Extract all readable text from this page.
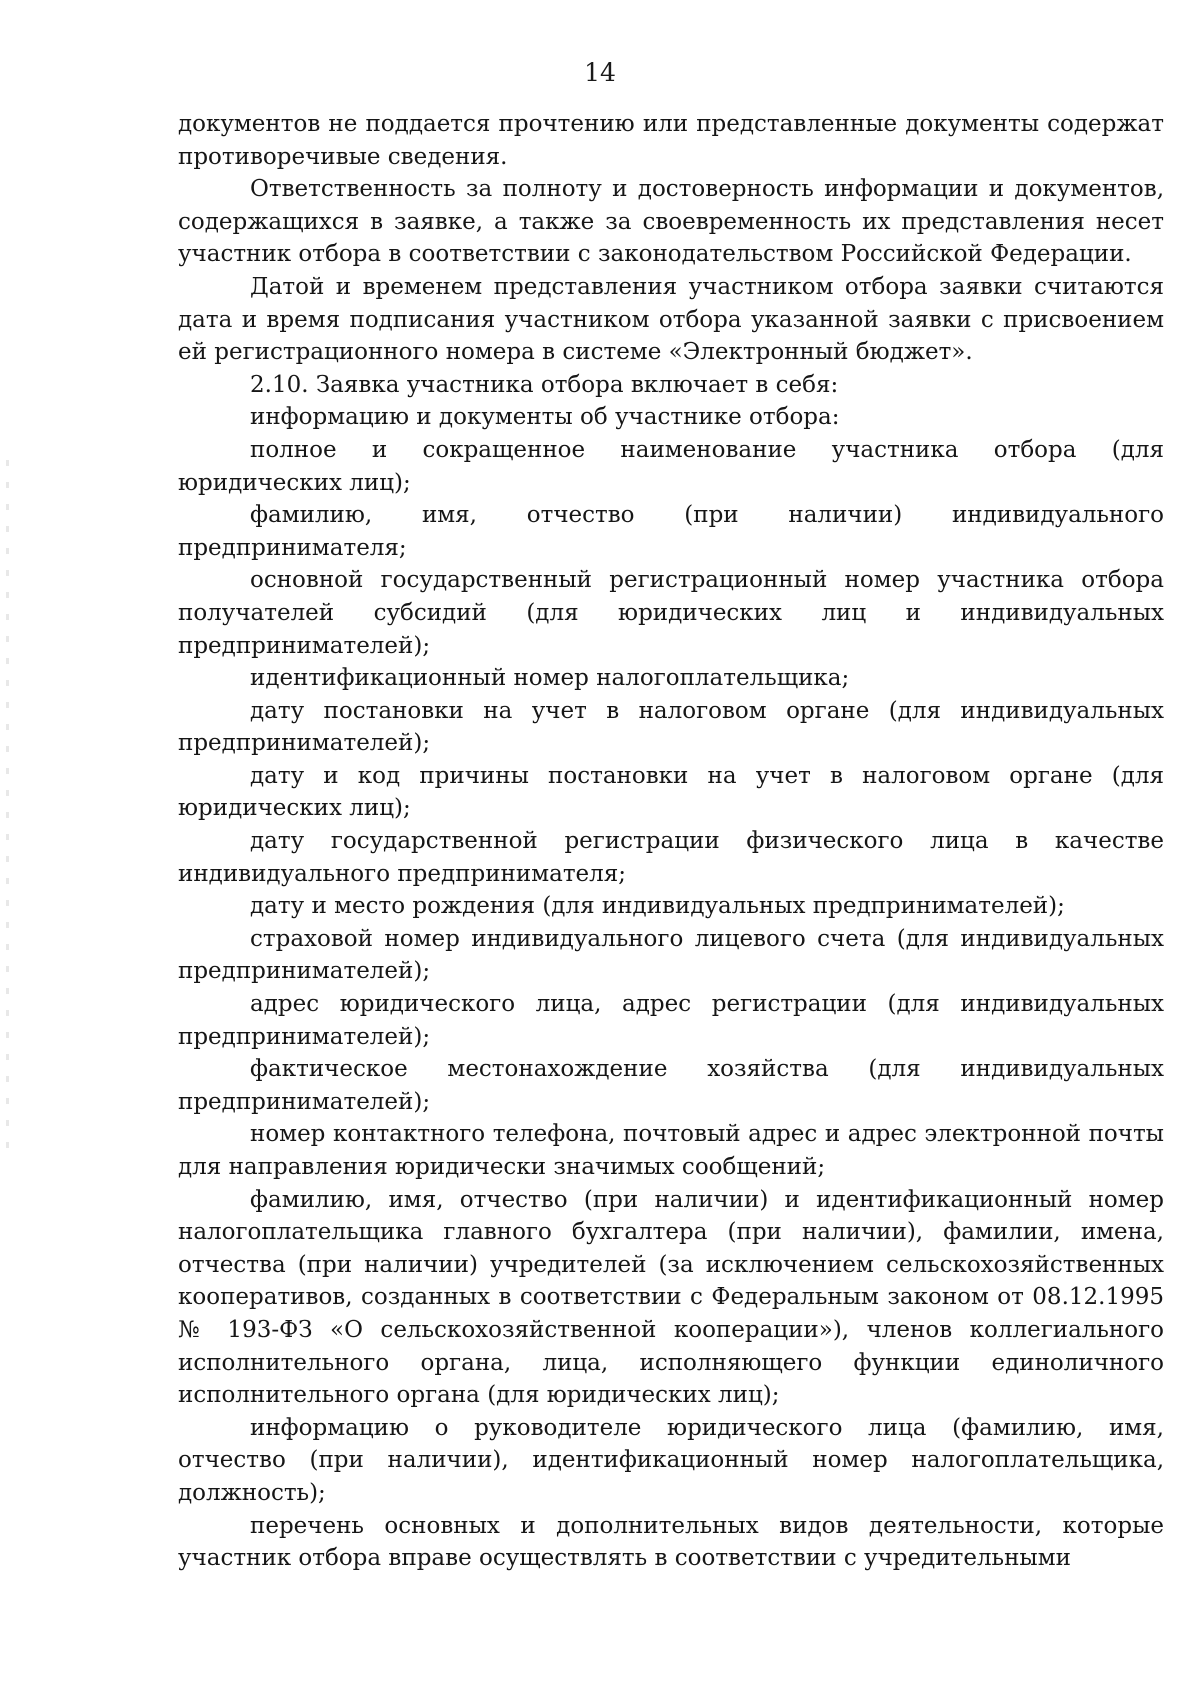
14

документов не поддается прочтению или представленные документы содержат противоречивые сведения.

Ответственность за полноту и достоверность информации и документов, содержащихся в заявке, а также за своевременность их представления несет участник отбора в соответствии с законодательством Российской Федерации.

Датой и временем представления участником отбора заявки считаются дата и время подписания участником отбора указанной заявки с присвоением ей регистрационного номера в системе «Электронный бюджет».

2.10. Заявка участника отбора включает в себя:

информацию и документы об участнике отбора:

полное и сокращенное наименование участника отбора (для юридических лиц);

фамилию, имя, отчество (при наличии) индивидуального предпринимателя;

основной государственный регистрационный номер участника отбора получателей субсидий (для юридических лиц и индивидуальных предпринимателей);

идентификационный номер налогоплательщика;

дату постановки на учет в налоговом органе (для индивидуальных предпринимателей);

дату и код причины постановки на учет в налоговом органе (для юридических лиц);

дату государственной регистрации физического лица в качестве индивидуального предпринимателя;

дату и место рождения (для индивидуальных предпринимателей);

страховой номер индивидуального лицевого счета (для индивидуальных предпринимателей);

адрес юридического лица, адрес регистрации (для индивидуальных предпринимателей);

фактическое местонахождение хозяйства (для индивидуальных предпринимателей);

номер контактного телефона, почтовый адрес и адрес электронной почты для направления юридически значимых сообщений;

фамилию, имя, отчество (при наличии) и идентификационный номер налогоплательщика главного бухгалтера (при наличии), фамилии, имена, отчества (при наличии) учредителей (за исключением сельскохозяйственных кооперативов, созданных в соответствии с Федеральным законом от 08.12.1995 № 193-ФЗ «О сельскохозяйственной кооперации»), членов коллегиального исполнительного органа, лица, исполняющего функции единоличного исполнительного органа (для юридических лиц);

информацию о руководителе юридического лица (фамилию, имя, отчество (при наличии), идентификационный номер налогоплательщика, должность);

перечень основных и дополнительных видов деятельности, которые участник отбора вправе осуществлять в соответствии с учредительными
